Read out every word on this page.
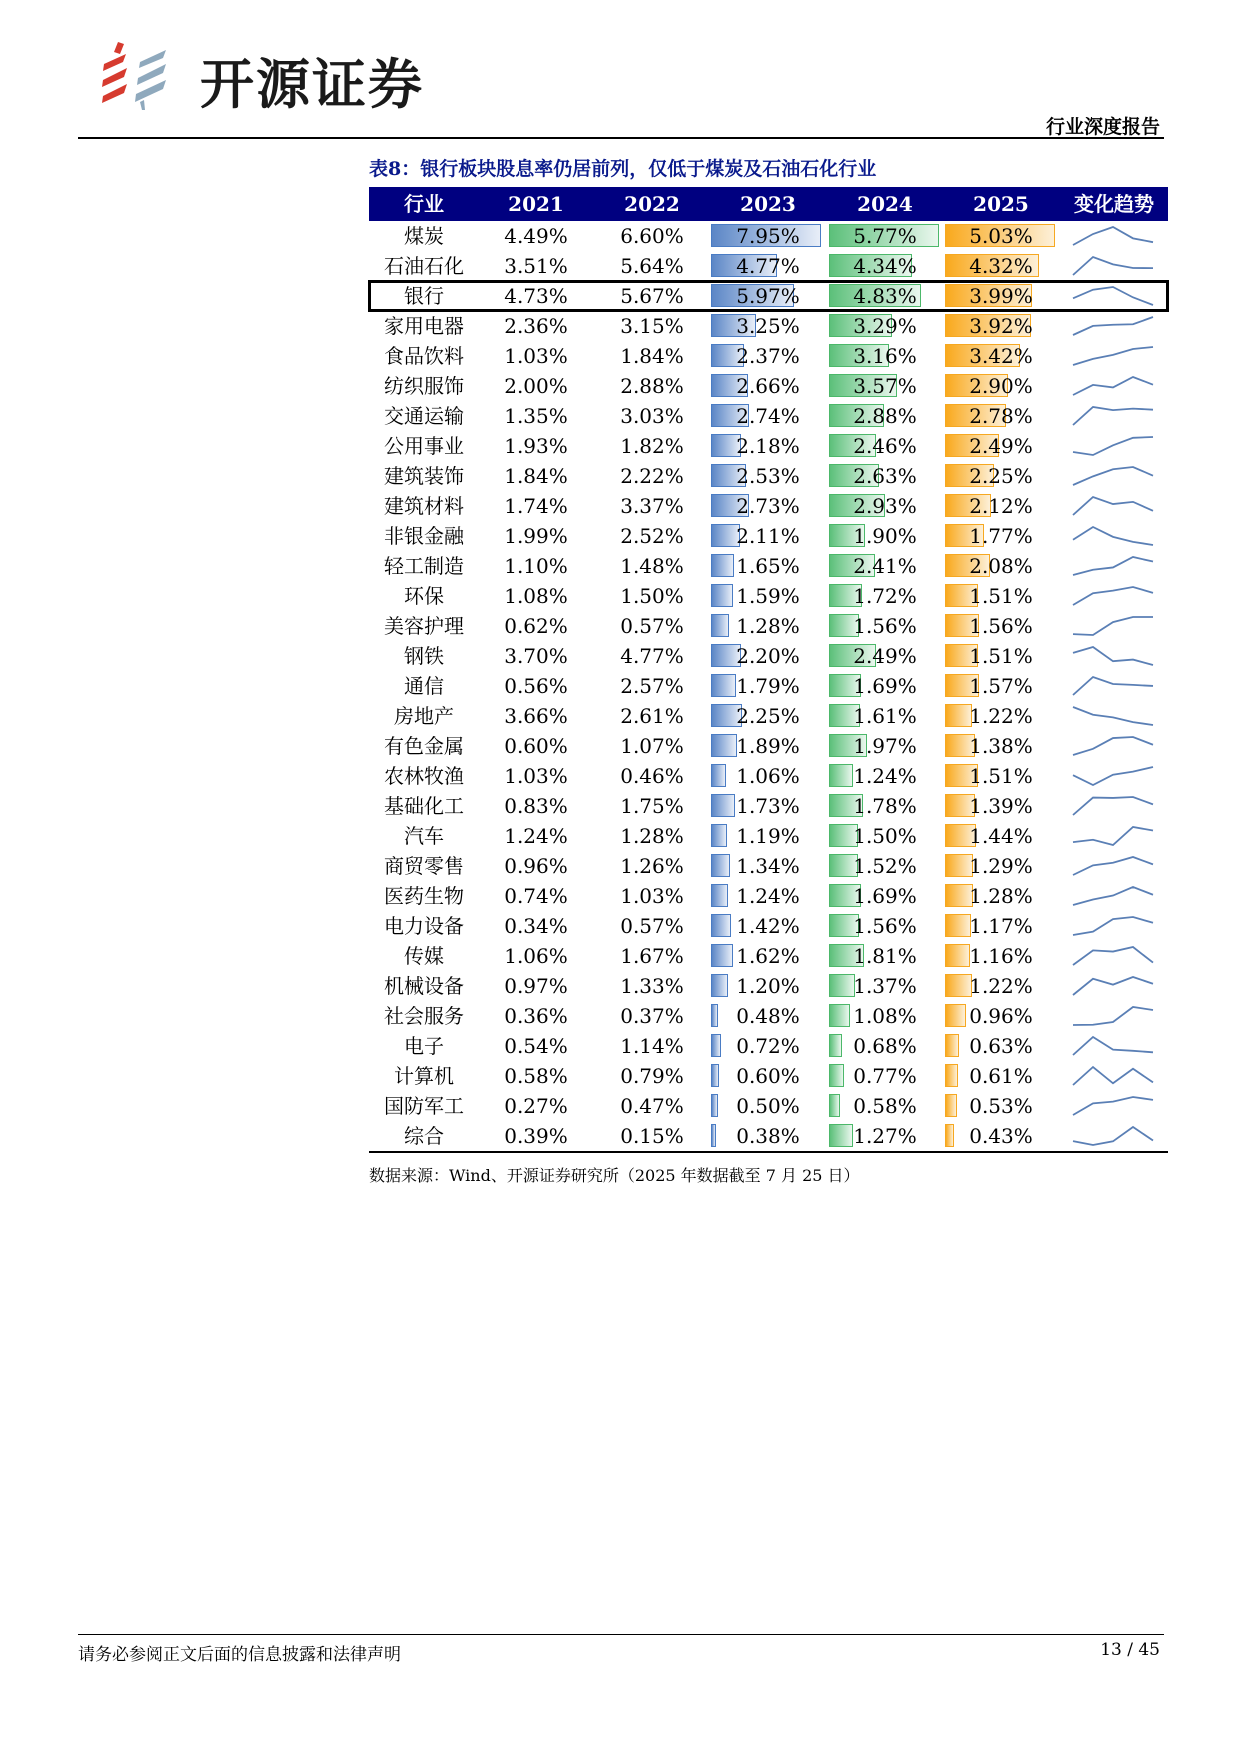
开源证券
行业深度报告
表8：银行板块股息率仍居前列，仅低于煤炭及石油石化行业
行业	2021	2022	2023	2024	2025 变化趋势
煤炭	4.49%	6.60%	7.95%	5.77%	5.03%
石油石化 3.51%	5.64%	4.77%	4.34%	4.32%
银行	4.73%	5.67%	5.97%	4.83%	3.99%
家用电器 2.36%	3.15%	3.25%	3.29%	3.92%
食品饮料 1.03%	1.84%	2.37%	3.16%	3.42%
纺织服饰 2.00%	2.88%	2.66%	3.57%	2.90%
交通运输 1.35%	3.03%	2.74%	2.88%	2.78%
公用事业 1.93%	1.82%	2.18%	2.46%	2.49%
建筑装饰 1.84%	2.22%	2.53%	2.63%	2.25%
建筑材料 1.74%	3.37%	2.73%	2.93%	2.12%
非银金融 1.99%	2.52%	2.11%	1.90%	1.77%
轻工制造 1.10%	1.48%	1.65%	2.41%	2.08%
环保	1.08%	1.50%	1.59%	1.72%	1.51%
美容护理 0.62%	0.57%	1.28%	1.56%	1.56%
钢铁	3.70%	4.77%	2.20%	2.49%	1.51%
通信	0.56%	2.57%	1.79%	1.69%	1.57%
房地产	3.66%	2.61%	2.25%	1.61%	1.22%
有色金属 0.60%	1.07%	1.89%	1.97%	1.38%
农林牧渔 1.03%	0.46%	1.06%	1.24%	1.51%
基础化工 0.83%	1.75%	1.73%	1.78%	1.39%
汽车	1.24%	1.28%	1.19%	1.50%	1.44%
商贸零售 0.96%	1.26%	1.34%	1.52%	1.29%
医药生物 0.74%	1.03%	1.24%	1.69%	1.28%
电力设备 0.34%	0.57%	1.42%	1.56%	1.17%
传媒	1.06%	1.67%	1.62%	1.81%	1.16%
机械设备 0.97%	1.33%	1.20%	1.37%	1.22%
社会服务 0.36%	0.37%	0.48%	1.08%	0.96%
电子	0.54%	1.14%	0.72%	0.68%	0.63%
计算机	0.58%	0.79%	0.60%	0.77%	0.61%
国防军工 0.27%	0.47%	0.50%	0.58%	0.53%
综合	0.39%	0.15%	0.38%	1.27%	0.43%
数据来源：Wind、开源证券研究所（2025 年数据截至 7 月 25 日）
请务必参阅正文后面的信息披露和法律声明	13 / 45
